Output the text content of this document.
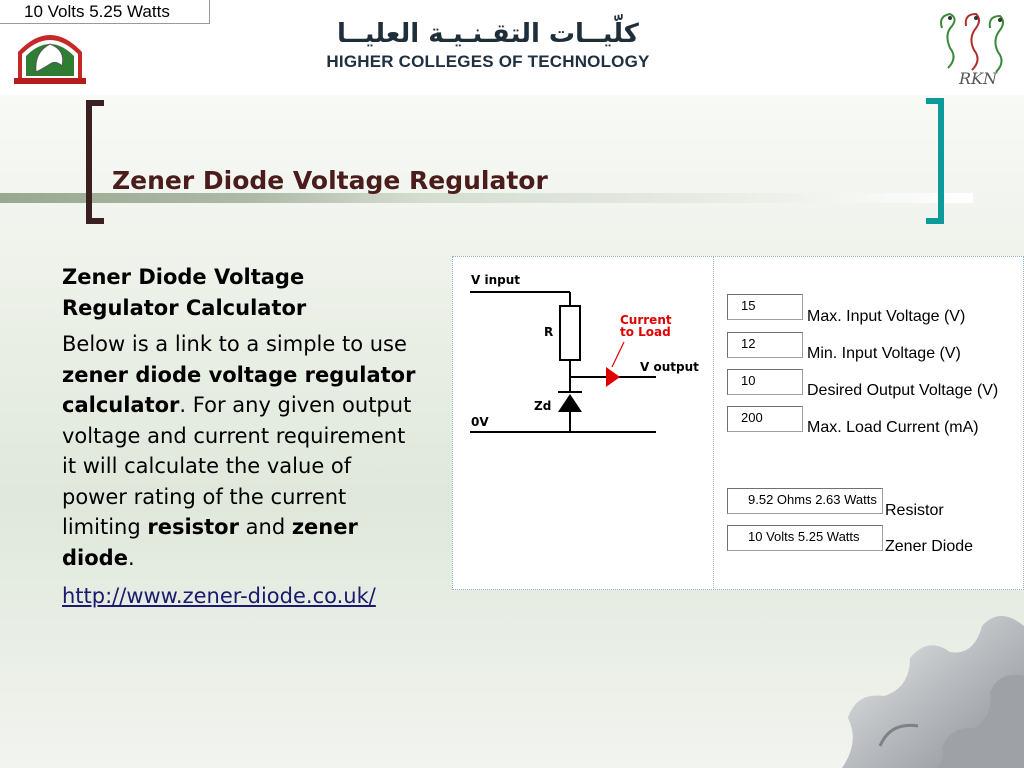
10 Volts 5.25 Watts
كلّيــات التقـنـيـة العليــا
HIGHER COLLEGES OF TECHNOLOGY
RKN
Zener Diode Voltage Regulator
Zener Diode Voltage Regulator Calculator

Below is a link to a simple to use zener diode voltage regulator calculator. For any given output voltage and current requirement it will calculate the value of power rating of the current limiting resistor and zener diode.

http://www.zener-diode.co.uk/

V input
R
Current
to Load
V output
Zd
0V
15
Max. Input Voltage (V)
12
Min. Input Voltage (V)
10
Desired Output Voltage (V)
200
Max. Load Current (mA)
9.52 Ohms 2.63 Watts
Resistor
10 Volts 5.25 Watts
Zener Diode
